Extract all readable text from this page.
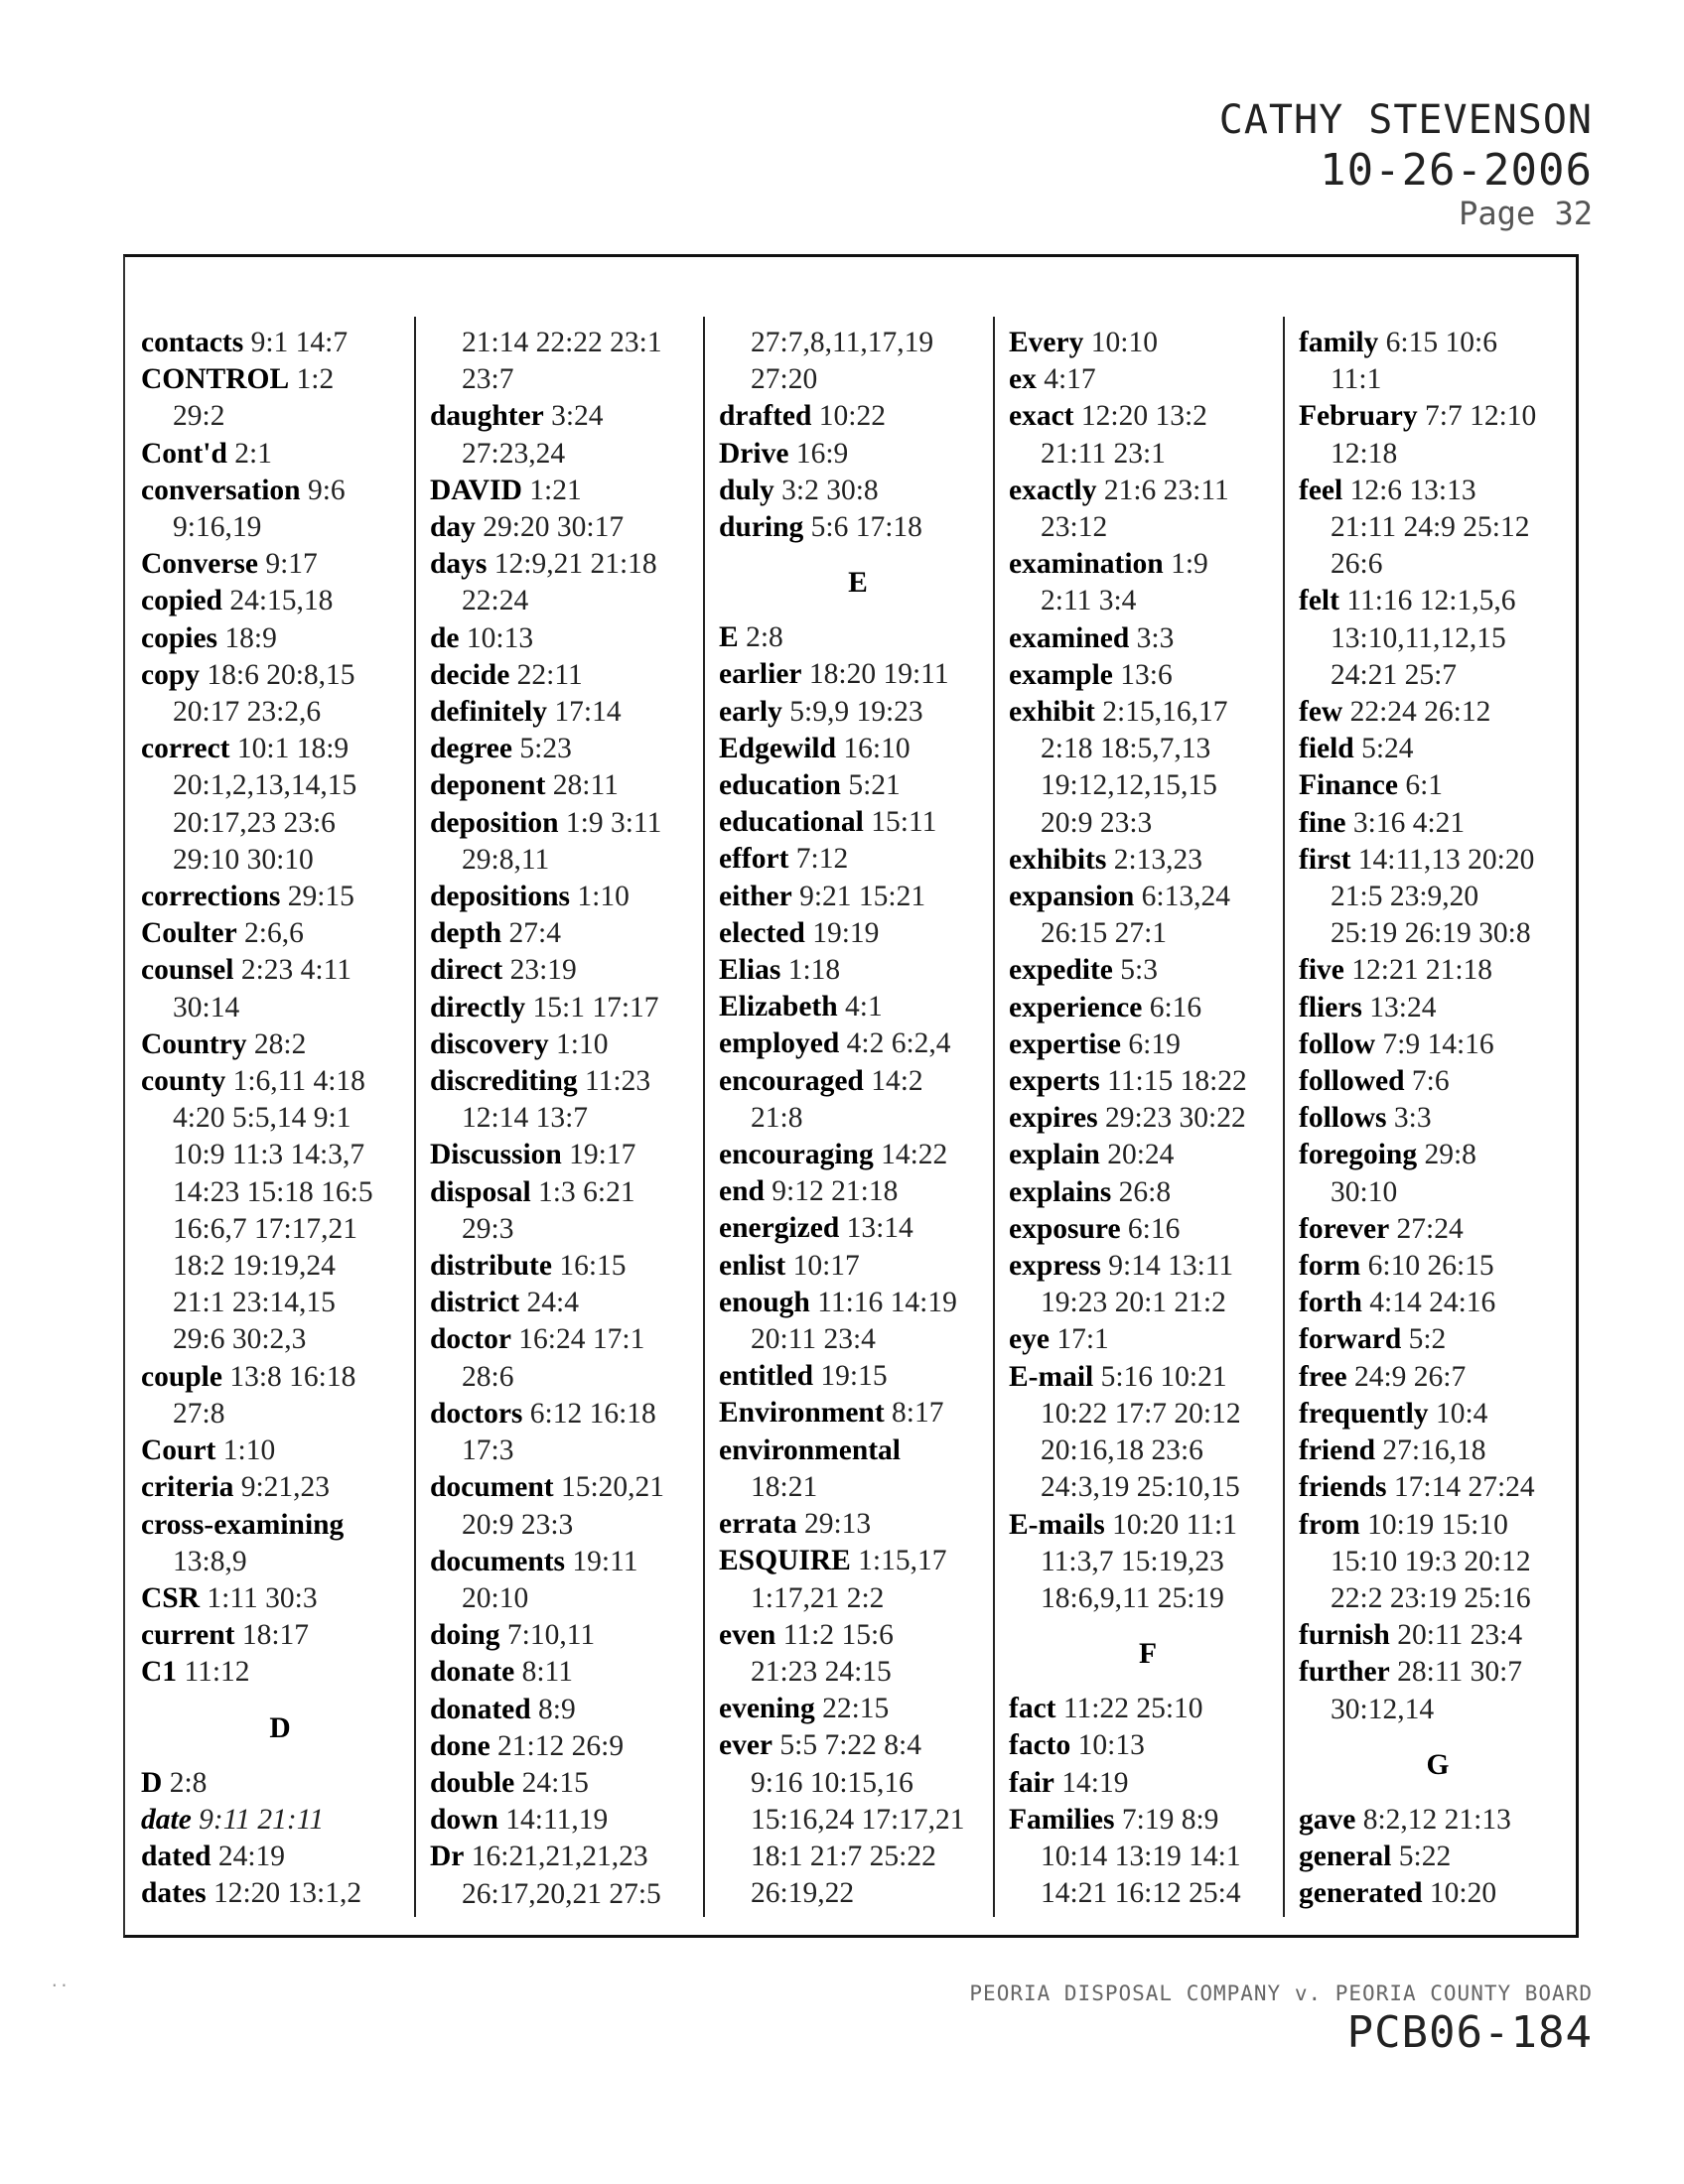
CATHY STEVENSON
10-26-2006
Page 32
contacts 9:1 14:7
CONTROL 1:2
29:2
Cont'd 2:1
conversation 9:6
9:16,19
Converse 9:17
copied 24:15,18
copies 18:9
copy 18:6 20:8,15
20:17 23:2,6
correct 10:1 18:9
20:1,2,13,14,15
20:17,23 23:6
29:10 30:10
corrections 29:15
Coulter 2:6,6
counsel 2:23 4:11
30:14
Country 28:2
county 1:6,11 4:18
4:20 5:5,14 9:1
10:9 11:3 14:3,7
14:23 15:18 16:5
16:6,7 17:17,21
18:2 19:19,24
21:1 23:14,15
29:6 30:2,3
couple 13:8 16:18
27:8
Court 1:10
criteria 9:21,23
cross-examining
13:8,9
CSR 1:11 30:3
current 18:17
C1 11:12
D
D 2:8
date 9:11 21:11
dated 24:19
dates 12:20 13:1,2
21:14 22:22 23:1
23:7
daughter 3:24
27:23,24
DAVID 1:21
day 29:20 30:17
days 12:9,21 21:18
22:24
de 10:13
decide 22:11
definitely 17:14
degree 5:23
deponent 28:11
deposition 1:9 3:11
29:8,11
depositions 1:10
depth 27:4
direct 23:19
directly 15:1 17:17
discovery 1:10
discrediting 11:23
12:14 13:7
Discussion 19:17
disposal 1:3 6:21
29:3
distribute 16:15
district 24:4
doctor 16:24 17:1
28:6
doctors 6:12 16:18
17:3
document 15:20,21
20:9 23:3
documents 19:11
20:10
doing 7:10,11
donate 8:11
donated 8:9
done 21:12 26:9
double 24:15
down 14:11,19
Dr 16:21,21,21,23
26:17,20,21 27:5
27:7,8,11,17,19
27:20
drafted 10:22
Drive 16:9
duly 3:2 30:8
during 5:6 17:18
E
E 2:8
earlier 18:20 19:11
early 5:9,9 19:23
Edgewild 16:10
education 5:21
educational 15:11
effort 7:12
either 9:21 15:21
elected 19:19
Elias 1:18
Elizabeth 4:1
employed 4:2 6:2,4
encouraged 14:2
21:8
encouraging 14:22
end 9:12 21:18
energized 13:14
enlist 10:17
enough 11:16 14:19
20:11 23:4
entitled 19:15
Environment 8:17
environmental
18:21
errata 29:13
ESQUIRE 1:15,17
1:17,21 2:2
even 11:2 15:6
21:23 24:15
evening 22:15
ever 5:5 7:22 8:4
9:16 10:15,16
15:16,24 17:17,21
18:1 21:7 25:22
26:19,22
Every 10:10
ex 4:17
exact 12:20 13:2
21:11 23:1
exactly 21:6 23:11
23:12
examination 1:9
2:11 3:4
examined 3:3
example 13:6
exhibit 2:15,16,17
2:18 18:5,7,13
19:12,12,15,15
20:9 23:3
exhibits 2:13,23
expansion 6:13,24
26:15 27:1
expedite 5:3
experience 6:16
expertise 6:19
experts 11:15 18:22
expires 29:23 30:22
explain 20:24
explains 26:8
exposure 6:16
express 9:14 13:11
19:23 20:1 21:2
eye 17:1
E-mail 5:16 10:21
10:22 17:7 20:12
20:16,18 23:6
24:3,19 25:10,15
E-mails 10:20 11:1
11:3,7 15:19,23
18:6,9,11 25:19
F
fact 11:22 25:10
facto 10:13
fair 14:19
Families 7:19 8:9
10:14 13:19 14:1
14:21 16:12 25:4
family 6:15 10:6
11:1
February 7:7 12:10
12:18
feel 12:6 13:13
21:11 24:9 25:12
26:6
felt 11:16 12:1,5,6
13:10,11,12,15
24:21 25:7
few 22:24 26:12
field 5:24
Finance 6:1
fine 3:16 4:21
first 14:11,13 20:20
21:5 23:9,20
25:19 26:19 30:8
five 12:21 21:18
fliers 13:24
follow 7:9 14:16
followed 7:6
follows 3:3
foregoing 29:8
30:10
forever 27:24
form 6:10 26:15
forth 4:14 24:16
forward 5:2
free 24:9 26:7
frequently 10:4
friend 27:16,18
friends 17:14 27:24
from 10:19 15:10
15:10 19:3 20:12
22:2 23:19 25:16
furnish 20:11 23:4
further 28:11 30:7
30:12,14
G
gave 8:2,12 21:13
general 5:22
generated 10:20
..
PEORIA DISPOSAL COMPANY v. PEORIA COUNTY BOARD
PCB06-184
